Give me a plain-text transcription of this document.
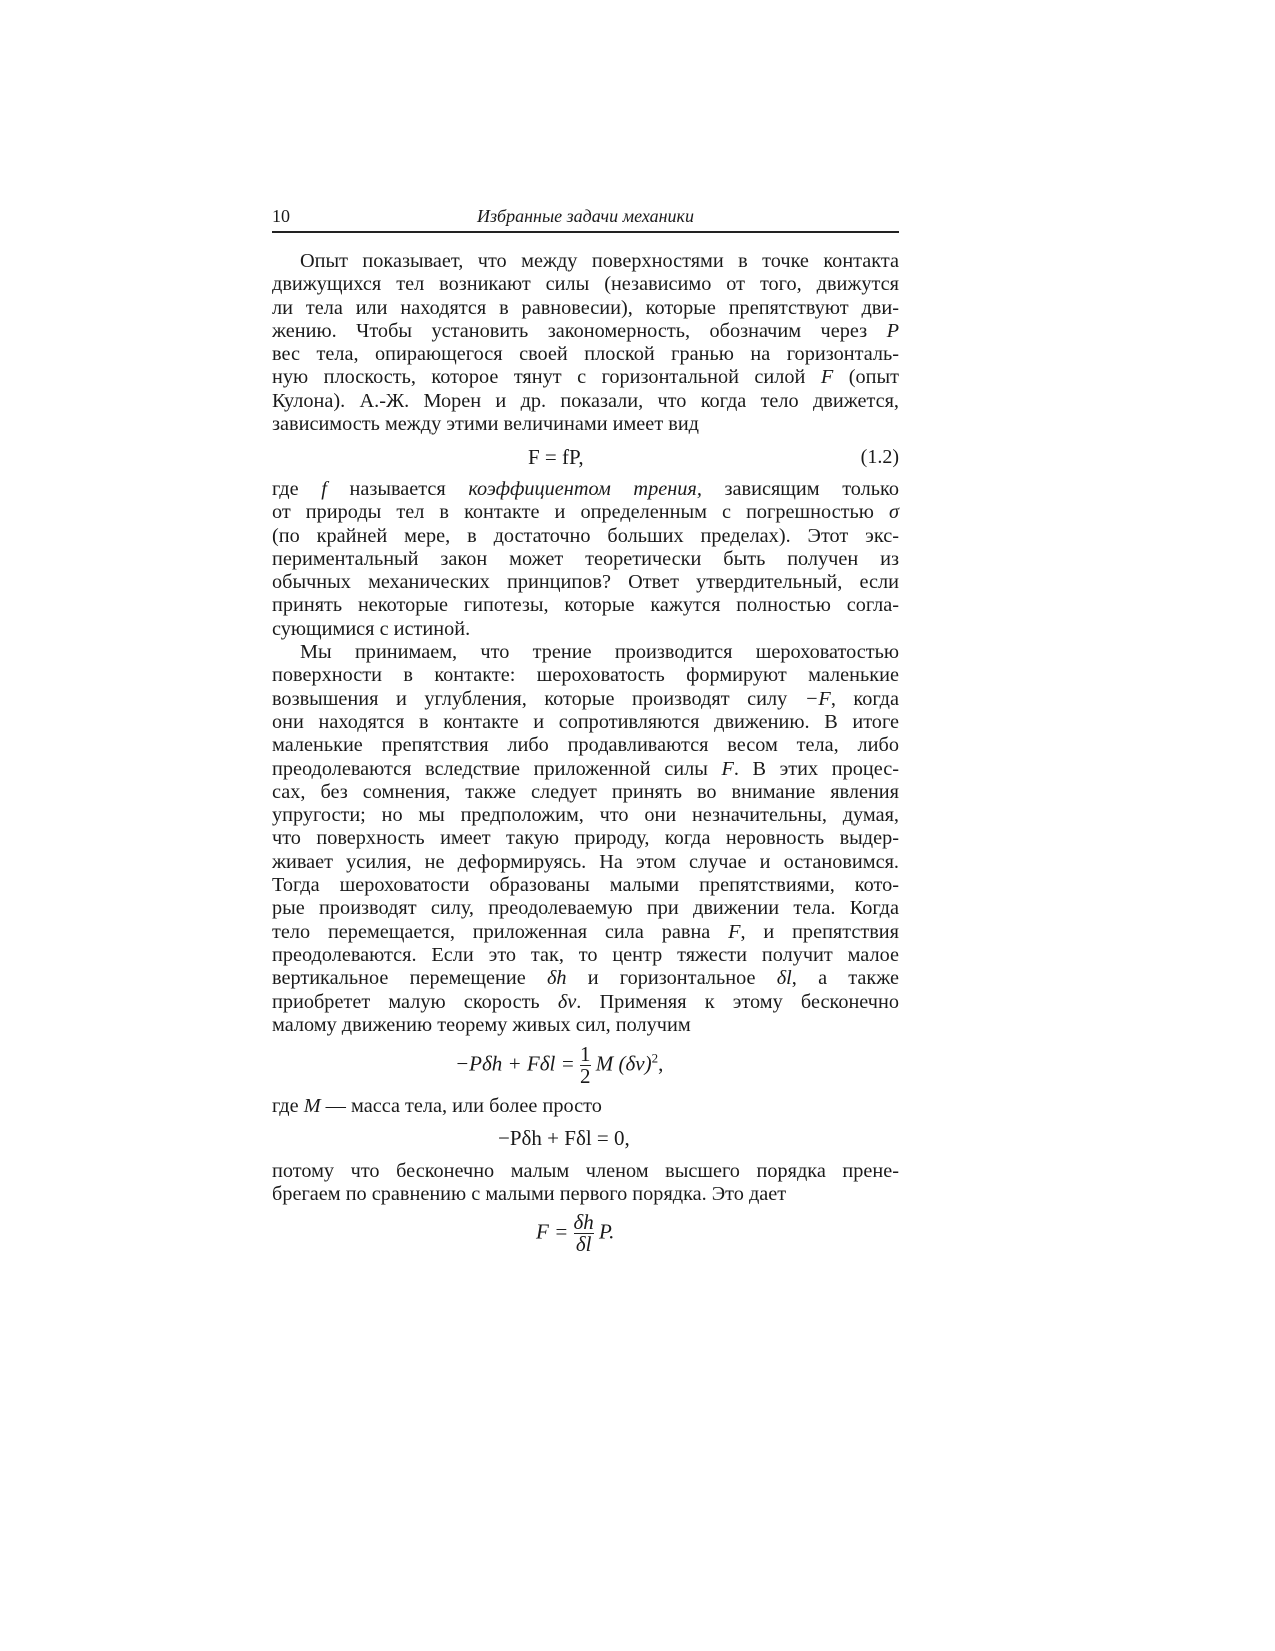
10	Избранные задачи механики
Опыт показывает, что между поверхностями в точке контакта
движущихся тел возникают силы (независимо от того, движутся
ли тела или находятся в равновесии), которые препятствуют дви-
жению. Чтобы установить закономерность, обозначим через P
вес тела, опирающегося своей плоской гранью на горизонталь-
ную плоскость, которое тянут с горизонтальной силой F (опыт
Кулона). А.-Ж. Морен и др. показали, что когда тело движется,
зависимость между этими величинами имеет вид
F = fP,	(1.2)
где f называется коэффициентом трения, зависящим только
от природы тел в контакте и определенным с погрешностью σ
(по крайней мере, в достаточно больших пределах). Этот экс-
периментальный закон может теоретически быть получен из
обычных механических принципов? Ответ утвердительный, если
принять некоторые гипотезы, которые кажутся полностью согла-
сующимися с истиной.
Мы принимаем, что трение производится шероховатостью
поверхности в контакте: шероховатость формируют маленькие
возвышения и углубления, которые производят силу −F, когда
они находятся в контакте и сопротивляются движению. В итоге
маленькие препятствия либо продавливаются весом тела, либо
преодолеваются вследствие приложенной силы F. В этих процес-
сах, без сомнения, также следует принять во внимание явления
упругости; но мы предположим, что они незначительны, думая,
что поверхность имеет такую природу, когда неровность выдер-
живает усилия, не деформируясь. На этом случае и остановимся.
Тогда шероховатости образованы малыми препятствиями, кото-
рые производят силу, преодолеваемую при движении тела. Когда
тело перемещается, приложенная сила равна F, и препятствия
преодолеваются. Если это так, то центр тяжести получит малое
вертикальное перемещение δh и горизонтальное δl, а также
приобретет малую скорость δv. Применяя к этому бесконечно
малому движению теорему живых сил, получим
$-P\delta h + F\delta l = \frac{1}{2}$ M $(\delta v)^2$,
где M — масса тела, или более просто
−Pδh + Fδl = 0,
потому что бесконечно малым членом высшего порядка прене-
брегаем по сравнению с малыми первого порядка. Это дает
$F = \frac{\delta h}{\delta l} P$.
